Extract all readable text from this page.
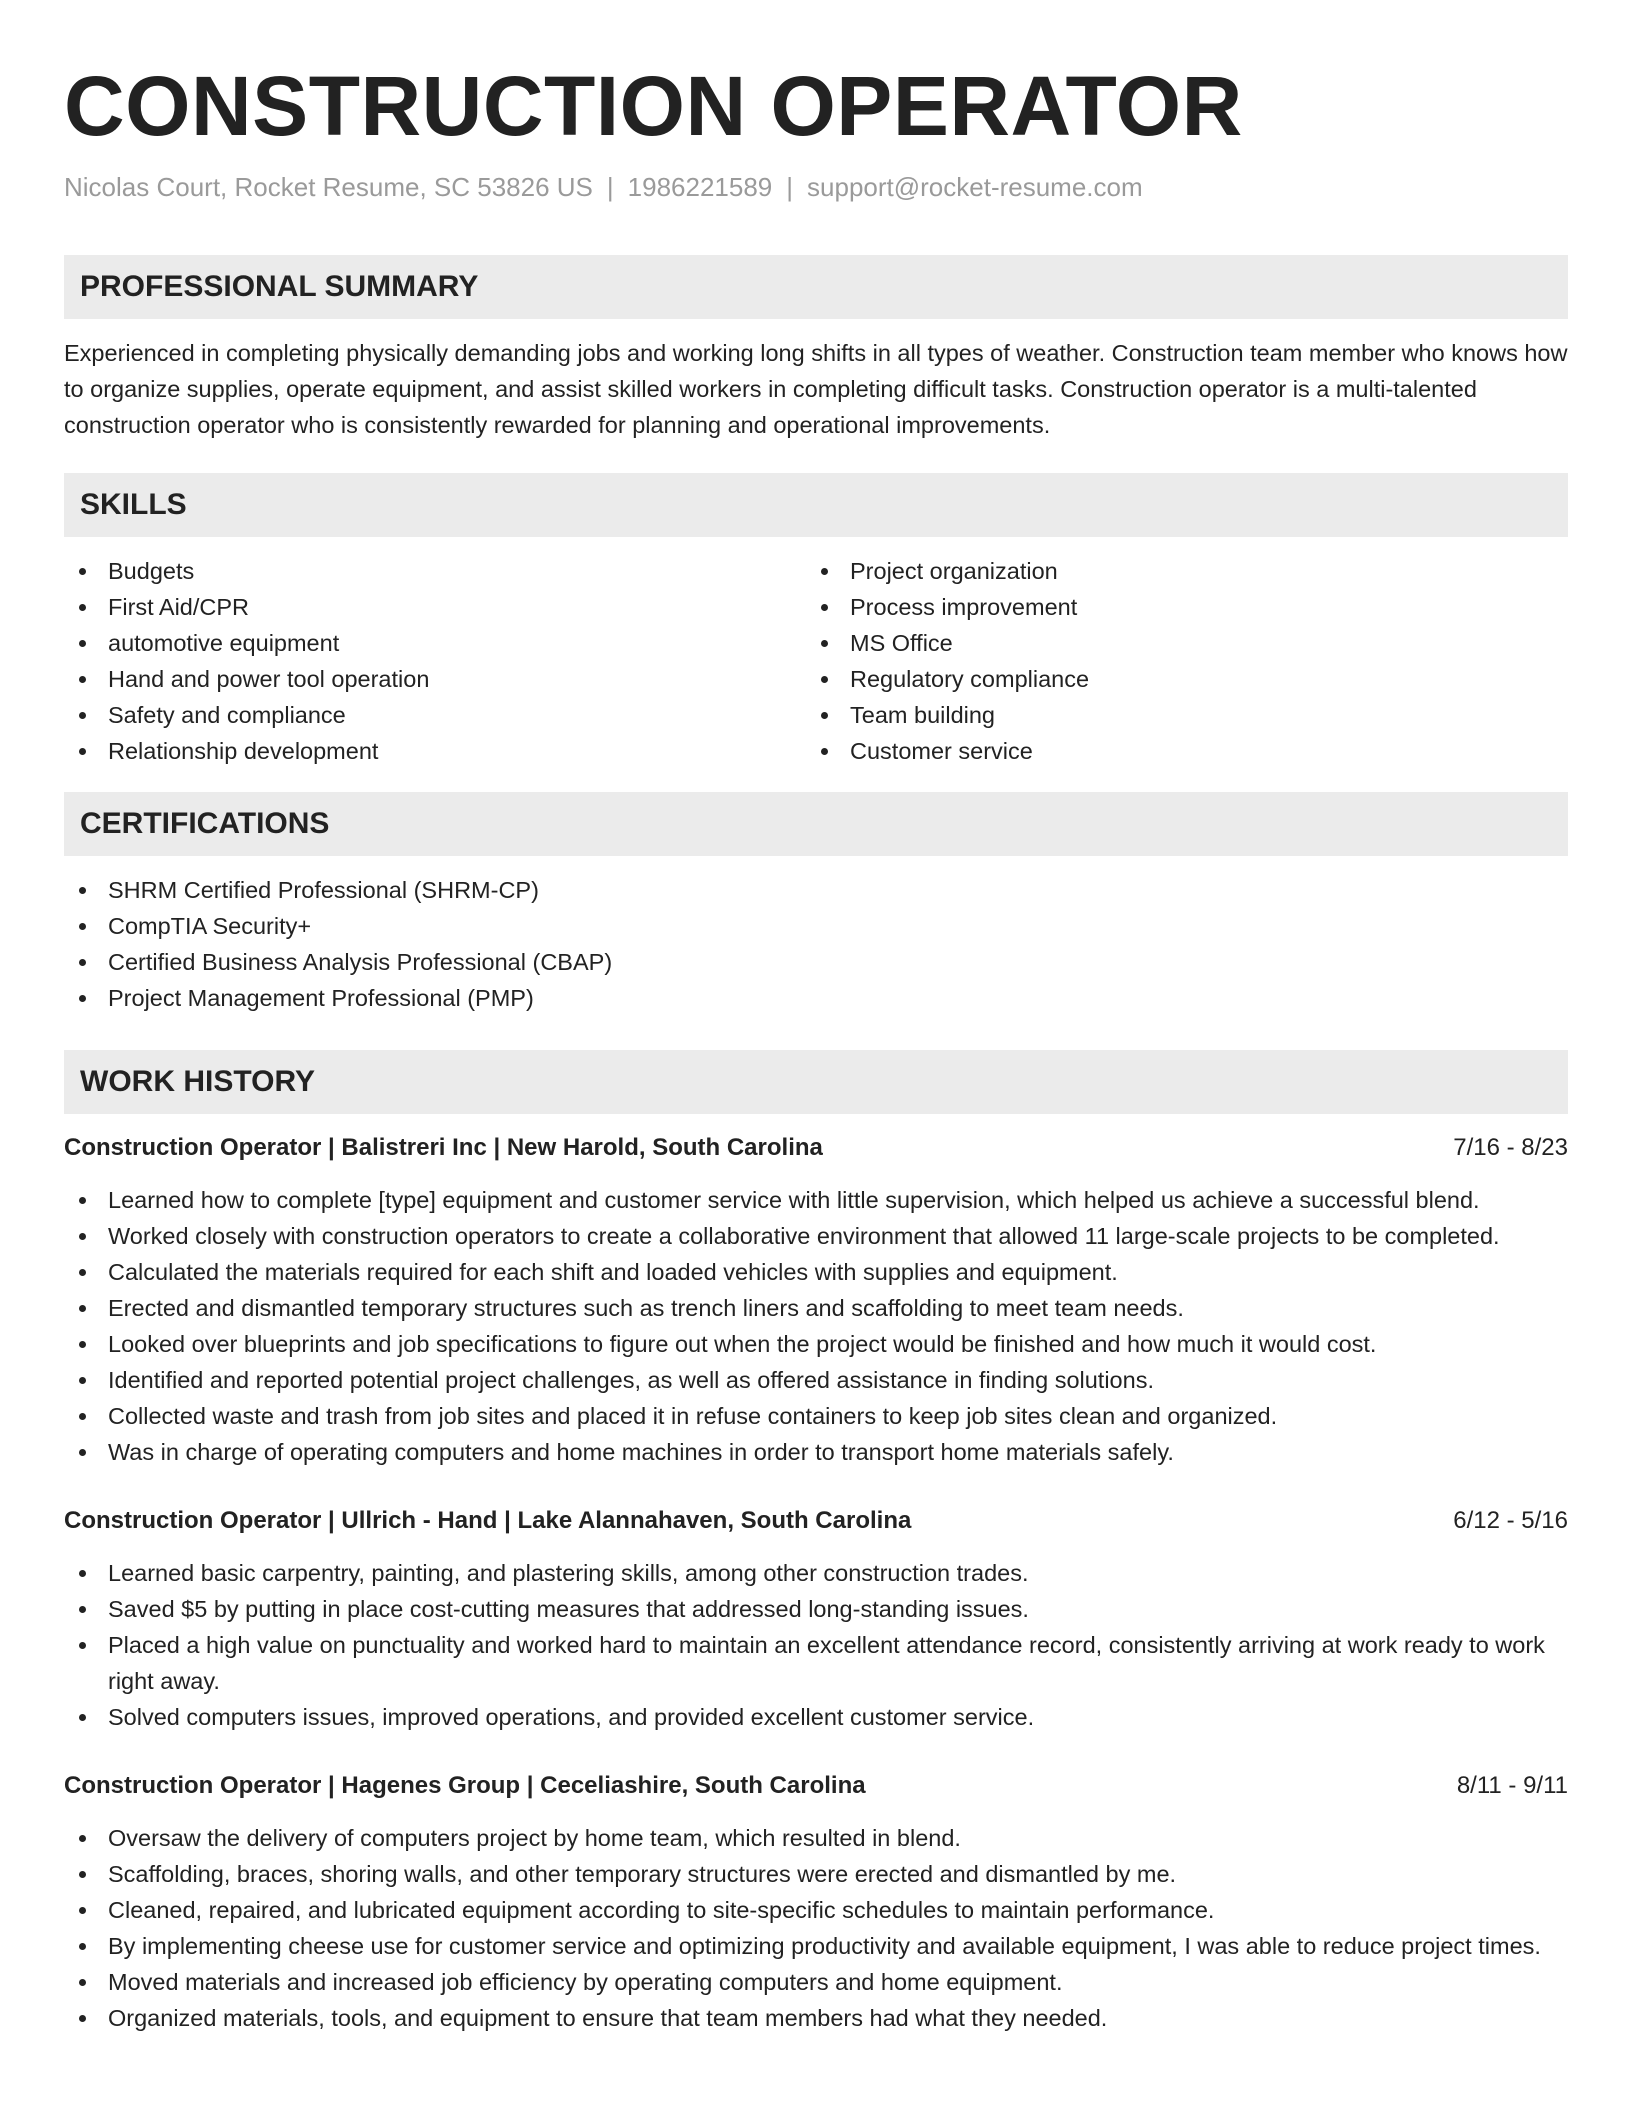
CONSTRUCTION OPERATOR
Nicolas Court, Rocket Resume, SC 53826 US | 1986221589 | support@rocket-resume.com
PROFESSIONAL SUMMARY

Experienced in completing physically demanding jobs and working long shifts in all types of weather. Construction team member who knows how to organize supplies, operate equipment, and assist skilled workers in completing difficult tasks. Construction operator is a multi-talented construction operator who is consistently rewarded for planning and operational improvements.

SKILLS
Budgets
First Aid/CPR
automotive equipment
Hand and power tool operation
Safety and compliance
Relationship development
Project organization
Process improvement
MS Office
Regulatory compliance
Team building
Customer service
CERTIFICATIONS
SHRM Certified Professional (SHRM-CP)
CompTIA Security+
Certified Business Analysis Professional (CBAP)
Project Management Professional (PMP)
WORK HISTORY
Construction Operator | Balistreri Inc | New Harold, South Carolina	7/16 - 8/23
Learned how to complete [type] equipment and customer service with little supervision, which helped us achieve a successful blend.
Worked closely with construction operators to create a collaborative environment that allowed 11 large-scale projects to be completed.
Calculated the materials required for each shift and loaded vehicles with supplies and equipment.
Erected and dismantled temporary structures such as trench liners and scaffolding to meet team needs.
Looked over blueprints and job specifications to figure out when the project would be finished and how much it would cost.
Identified and reported potential project challenges, as well as offered assistance in finding solutions.
Collected waste and trash from job sites and placed it in refuse containers to keep job sites clean and organized.
Was in charge of operating computers and home machines in order to transport home materials safely.
Construction Operator | Ullrich - Hand | Lake Alannahaven, South Carolina	6/12 - 5/16
Learned basic carpentry, painting, and plastering skills, among other construction trades.
Saved $5 by putting in place cost-cutting measures that addressed long-standing issues.
Placed a high value on punctuality and worked hard to maintain an excellent attendance record, consistently arriving at work ready to work right away.
Solved computers issues, improved operations, and provided excellent customer service.
Construction Operator | Hagenes Group | Ceceliashire, South Carolina	8/11 - 9/11
Oversaw the delivery of computers project by home team, which resulted in blend.
Scaffolding, braces, shoring walls, and other temporary structures were erected and dismantled by me.
Cleaned, repaired, and lubricated equipment according to site-specific schedules to maintain performance.
By implementing cheese use for customer service and optimizing productivity and available equipment, I was able to reduce project times.
Moved materials and increased job efficiency by operating computers and home equipment.
Organized materials, tools, and equipment to ensure that team members had what they needed.
